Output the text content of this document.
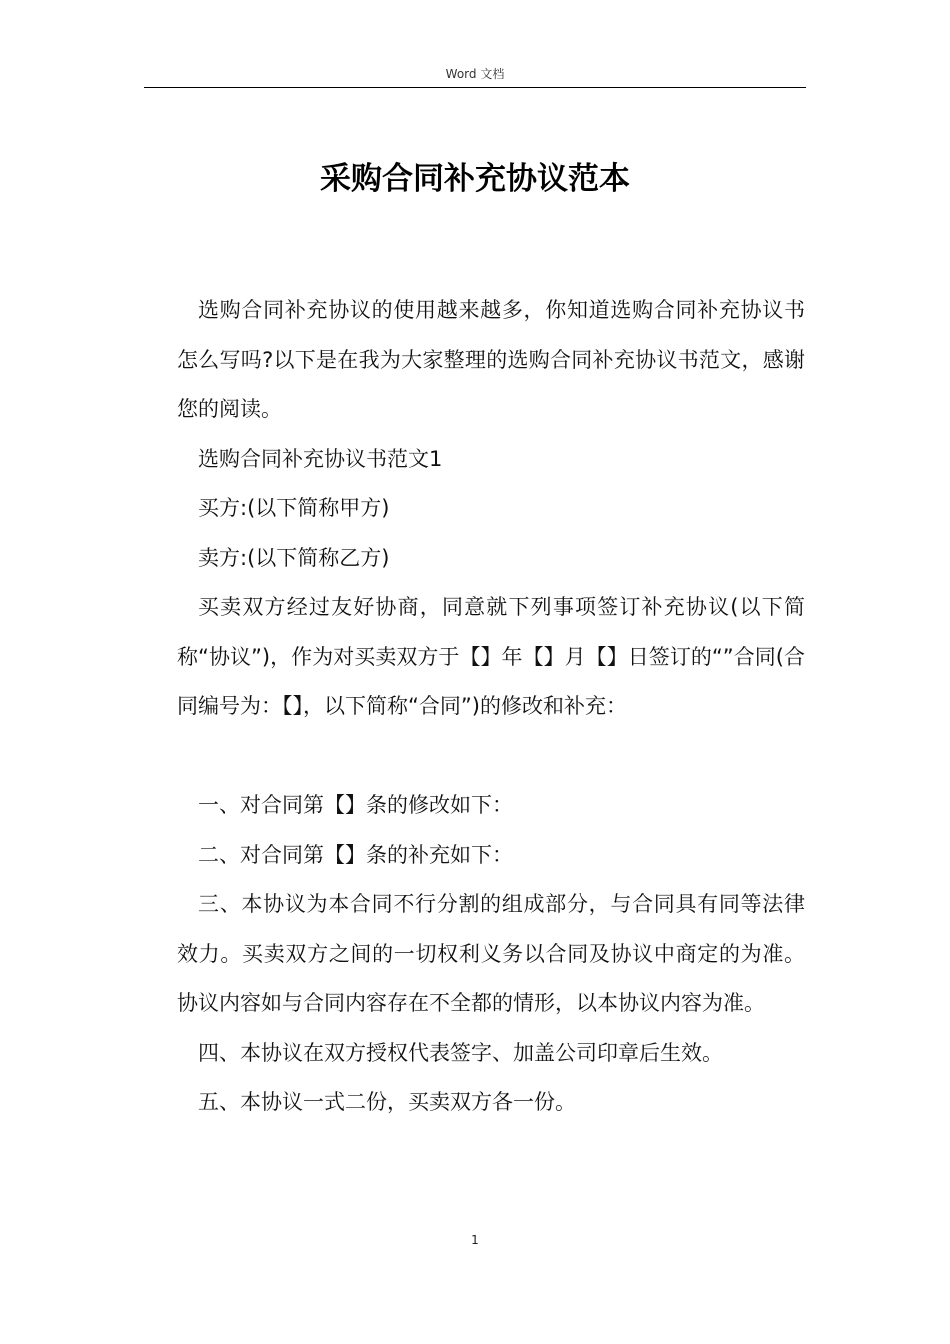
Word 文档
采购合同补充协议范本

选购合同补充协议的使用越来越多，你知道选购合同补充协议书怎么写吗?以下是在我为大家整理的选购合同补充协议书范文，感谢您的阅读。

选购合同补充协议书范文1

买方:(以下简称甲方)

卖方:(以下简称乙方)

买卖双方经过友好协商，同意就下列事项签订补充协议(以下简称“协议”)，作为对买卖双方于【】年【】月【】日签订的“”合同(合同编号为：【】，以下简称“合同”)的修改和补充：

一、对合同第【】条的修改如下：

二、对合同第【】条的补充如下：

三、本协议为本合同不行分割的组成部分，与合同具有同等法律效力。买卖双方之间的一切权利义务以合同及协议中商定的为准。协议内容如与合同内容存在不全都的情形，以本协议内容为准。

四、本协议在双方授权代表签字、加盖公司印章后生效。

五、本协议一式二份，买卖双方各一份。

1
